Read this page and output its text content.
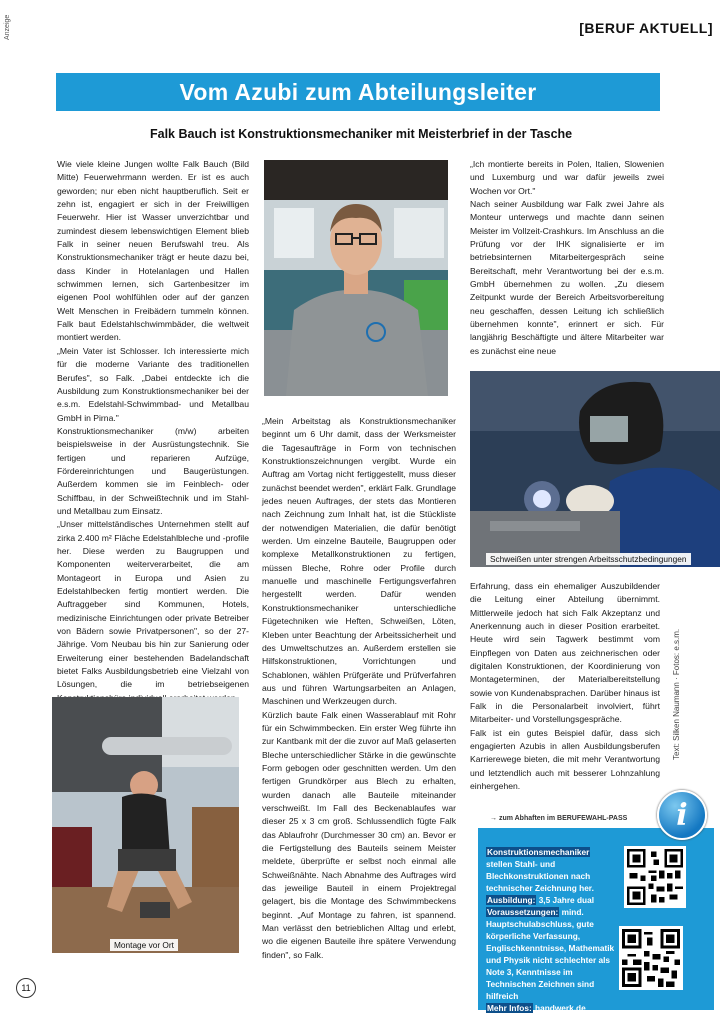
Anzeige	[BERUF AKTUELL]
Vom Azubi zum Abteilungsleiter
Falk Bauch ist Konstruktionsmechaniker mit Meisterbrief in der Tasche

Wie viele kleine Jungen wollte Falk Bauch (Bild Mitte) Feuerwehrmann werden. Er ist es auch geworden; nur eben nicht hauptberuflich. Seit er zehn ist, engagiert er sich in der Freiwilligen Feuerwehr. Hier ist Wasser unverzichtbar und zumindest diesem lebenswichtigen Element blieb Falk in seiner neuen Berufswahl treu. Als Konstruktionsmechaniker trägt er heute dazu bei, dass Kinder in Hotelanlagen und Hallen schwimmen lernen, sich Gartenbesitzer im eigenen Pool wohlfühlen oder auf der ganzen Welt Menschen in Freibädern tummeln können. Falk baut Edelstahlschwimmbäder, die weltweit montiert werden.

„Mein Vater ist Schlosser. Ich interessierte mich für die moderne Variante des traditionellen Berufes", so Falk. „Dabei entdeckte ich die Ausbildung zum Konstruktionsmechaniker bei der e.s.m. Edelstahl-Schwimmbad- und Metallbau GmbH in Pirna."

Konstruktionsmechaniker (m/w) arbeiten beispielsweise in der Ausrüstungstechnik. Sie fertigen und reparieren Aufzüge, Fördereinrichtungen und Baugerüstungen. Außerdem kommen sie im Feinblech- oder Schiffbau, in der Schweißtechnik und im Stahl- und Metallbau zum Einsatz.

„Unser mittelständisches Unternehmen stellt auf zirka 2.400 m² Fläche Edelstahlbleche und -profile her. Diese werden zu Baugruppen und Komponenten weiterverarbeitet, die am Montageort in Europa und Asien zu Edelstahlbecken fertig montiert werden. Die Auftraggeber sind Kommunen, Hotels, medizinische Einrichtungen oder private Betreiber von Bädern sowie Privatpersonen", so der 27-Jährige. Vom Neubau bis hin zur Sanierung oder Erweiterung einer bestehenden Badelandschaft bietet Falks Ausbildungsbetrieb eine Vielzahl von Lösungen, die im betriebseigenen

„Mein Arbeitstag als Konstruktionsmechaniker beginnt um 6 Uhr damit, dass der Werksmeister die Tagesaufträge in Form von technischen Konstruktionszeichnungen vergibt. Wurde ein Auftrag am Vortag nicht fertiggestellt, muss dieser zunächst beendet werden", erklärt Falk. Grundlage jedes neuen Auftrages, der stets das Montieren nach Zeichnung zum Inhalt hat, ist die Stückliste der notwendigen Materialien, die dafür benötigt werden. Um einzelne Bauteile, Baugruppen oder komplexe Metallkonstruktionen zu fertigen, müssen Bleche, Rohre oder Profile durch manuelle und maschinelle Fertigungsverfahren hergestellt werden. Dafür wenden Konstruktionsmechaniker unterschiedliche Fügetechniken wie Heften, Schweißen, Löten, Kleben unter Beachtung der Arbeitssicherheit und des Umweltschutzes an. Außerdem erstellen sie Hilfskonstruktionen, Vorrichtungen und Schablonen, wählen Prüfgeräte und Prüfverfahren aus und führen Wartungsarbeiten an Anlagen, Maschinen und Werkzeugen durch.

Kürzlich baute Falk einen Wasserablauf mit Rohr für ein Schwimmbecken. Ein erster Weg führte ihn zur Kantbank mit der die zuvor auf Maß gelaserten Bleche unterschiedlicher Stärke in die gewünschte Form gebogen oder geschnitten werden. Um den fertigen Grundkörper aus Blech zu erhalten, wurden danach alle Bauteile miteinander verschweißt. Im Fall des Beckenablaufes war dieser 25 x 3 cm groß. Schlussendlich fügte Falk das Ablaufrohr (Durchmesser 30 cm) an. Bevor er die Fertigstellung des Bauteils seinem Meister meldete, überprüfte er selbst noch einmal alle Schweißnähte. Nach Abnahme des Auftrages wird das jeweilige Bauteil in einem Projektregal gelagert, bis die Montage des Schwimmbeckens beginnt. „Auf Montage zu fahren, ist spannend. Man verlässt den betrieblichen Alltag und erlebt, wo die eigenen Bauteile ihre spätere Verwendung finden", so Falk.

„Ich montierte bereits in Polen, Italien, Slowenien und Luxemburg und war dafür jeweils zwei Wochen vor Ort."

Nach seiner Ausbildung war Falk zwei Jahre als Monteur unterwegs und machte dann seinen Meister im Vollzeit-Crashkurs. Im Anschluss an die Prüfung vor der IHK signalisierte er im betriebsinternen Mitarbeitergespräch seine Bereitschaft, mehr Verantwortung bei der e.s.m. GmbH übernehmen zu wollen. „Zu diesem Zeitpunkt wurde der Bereich Arbeitsvorbereitung neu geschaffen, dessen Leitung ich schließlich übernehmen konnte", erinnert er sich. Für langjährig Beschäftigte und ältere Mitarbeiter war es zunächst eine neue

Schweißen unter strengen Arbeitsschutzbedingungen

Erfahrung, dass ein ehemaliger Auszubildender die Leitung einer Abteilung übernimmt. Mittlerweile jedoch hat sich Falk Akzeptanz und Anerkennung auch in dieser Position erarbeitet. Heute wird sein Tagwerk bestimmt vom Einpflegen von Daten aus zeichnerischen oder digitalen Konstruktionen, der Koordinierung von Montageterminen, der Materialbereitstellung sowie von Kundenabsprachen. Darüber hinaus ist Falk in die Personalarbeit involviert, führt Mitarbeiter- und Vorstellungsgespräche.

Falk ist ein gutes Beispiel dafür, dass sich engagierten Azubis in allen Ausbildungsberufen Karrierewege bieten, die mit mehr Verantwortung und letztendlich auch mit besserer Lohnzahlung einhergehen.

Text: Silken Naumann · Fotos: e.s.m.
Montage vor Ort
→ zum Abhaften im BERUFEWAHL-PASS	i
Konstruktionsmechaniker stellen Stahl- und Blechkonstruktionen nach technischer Zeichnung her.
Ausbildung: 3,5 Jahre dual
Voraussetzungen: mind. Hauptschulabschluss, gute körperliche Verfassung, Englischkenntnisse, Mathematik und Physik nicht schlechter als Note 3, Kenntnisse im Technischen Zeichnen sind hilfreich
Mehr Infos: handwerk.de berufenet.arbeitsagentur.de
11
